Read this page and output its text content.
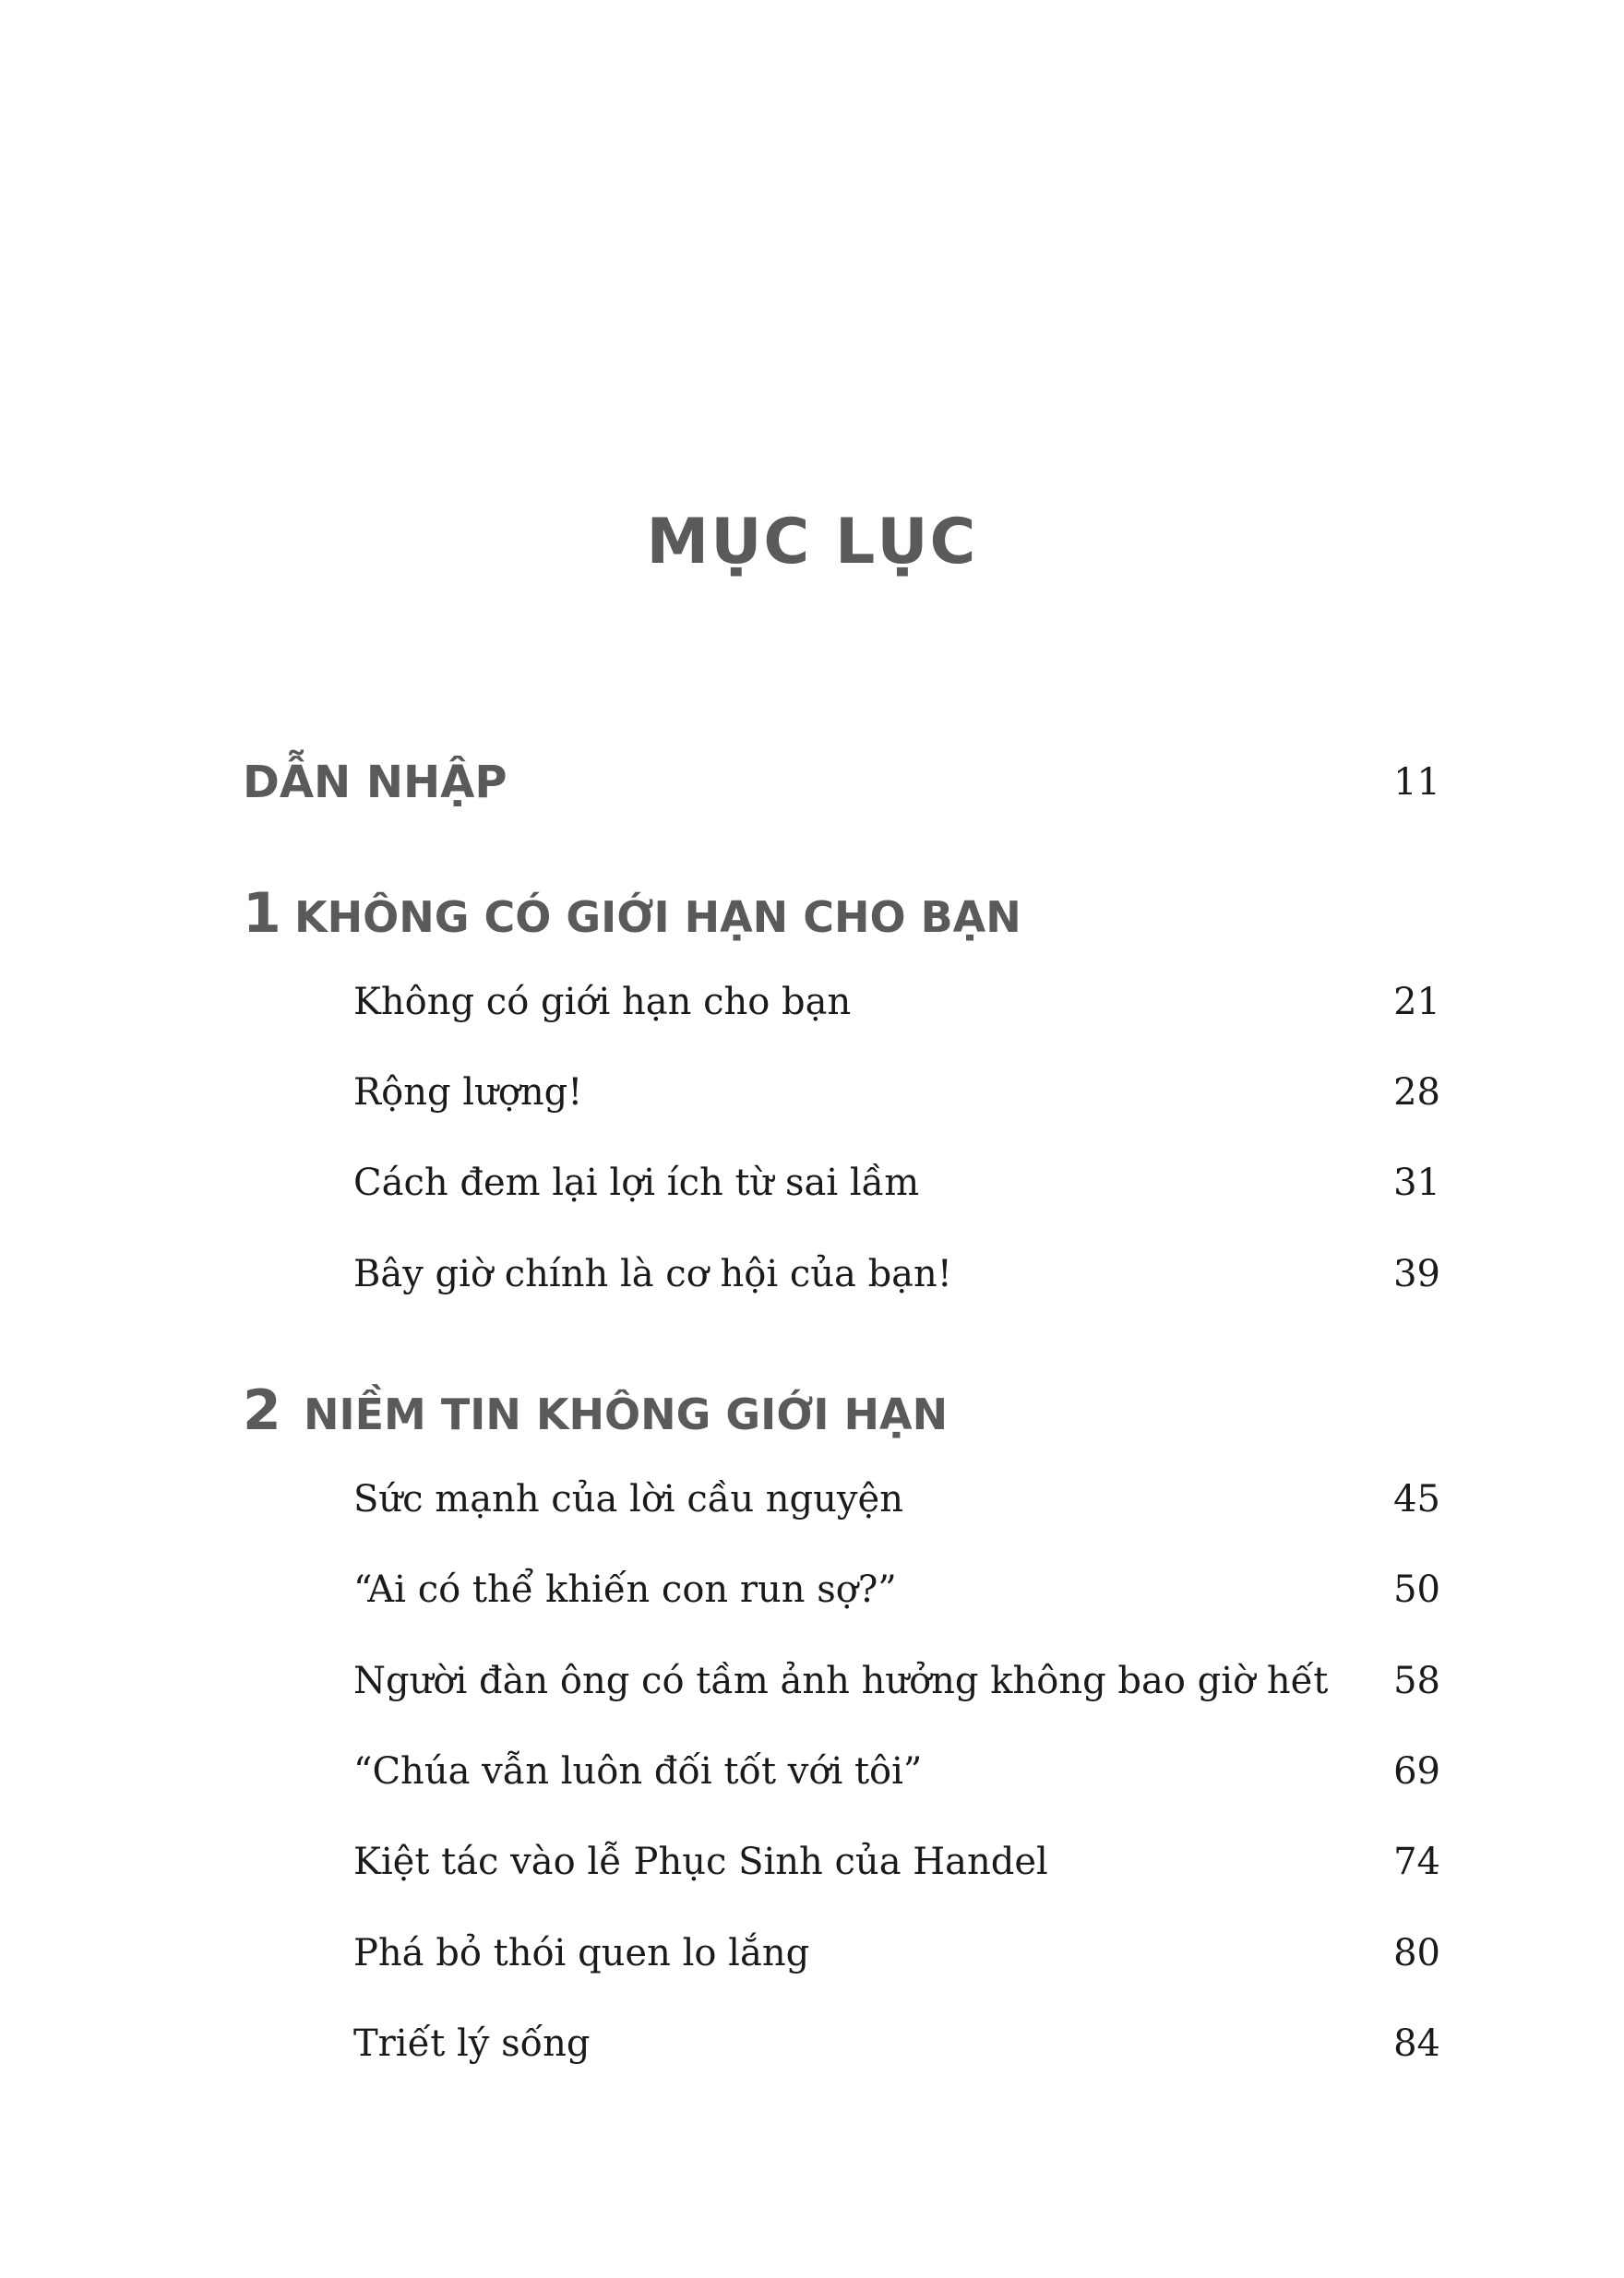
MỤC LỤC
DẪN NHẬP	11
1 KHÔNG CÓ GIỚI HẠN CHO BẠN
Không có giới hạn cho bạn	21
Rộng lượng!	28
Cách đem lại lợi ích từ sai lầm	31
Bây giờ chính là cơ hội của bạn!	39
2 NIỀM TIN KHÔNG GIỚI HẠN
Sức mạnh của lời cầu nguyện	45
“Ai có thể khiến con run sợ?”	50
Người đàn ông có tầm ảnh hưởng không bao giờ hết 58
“Chúa vẫn luôn đối tốt với tôi”	69
Kiệt tác vào lễ Phục Sinh của Handel	74
Phá bỏ thói quen lo lắng	80
Triết lý sống	84
